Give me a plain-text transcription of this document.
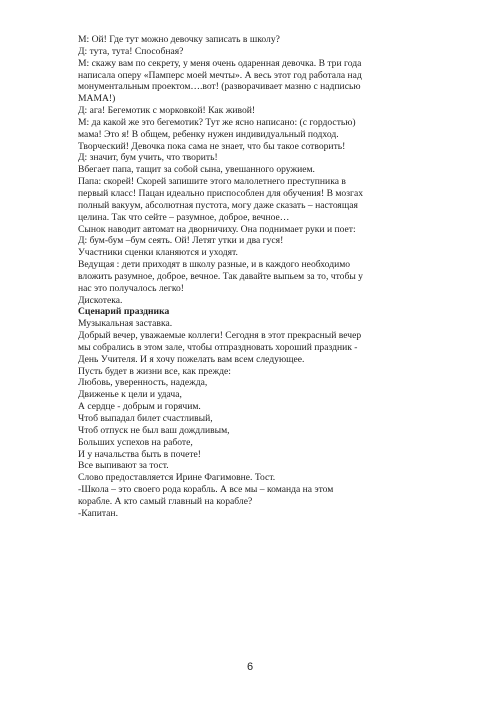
М: Ой! Где тут можно девочку записать в школу?
Д: тута, тута! Способная?
М: скажу вам по секрету, у меня очень одаренная девочка. В три года
написала оперу «Памперс моей мечты». А весь этот год работала над
монументальным проектом….вот! (разворачивает мазню с надписью
МАМА!)
Д: ага! Бегемотик с морковкой! Как живой!
М: да какой же это бегемотик? Тут же ясно написано: (с гордостью)
мама! Это я! В общем, ребенку нужен индивидуальный подход.
Творческий! Девочка пока сама не знает, что бы такое сотворить!
Д: значит, бум учить, что творить!
Вбегает папа, тащит за собой сына, увешанного оружием.
Папа: скорей! Скорей запишите этого малолетнего преступника в
первый класс! Пацан идеально приспособлен для обучения! В мозгах
полный вакуум, абсолютная пустота, могу даже сказать – настоящая
целина. Так что сейте – разумное, доброе, вечное…
Сынок наводит автомат на дворничиху. Она поднимает руки и поет:
Д: бум-бум –бум сеять. Ой! Летят утки и два гуся!
Участники сценки кланяются и уходят.
Ведущая : дети приходят в школу разные, и в каждого необходимо
вложить разумное, доброе, вечное. Так давайте выпьем за то, чтобы у
нас это получалось легко!
Дискотека.
Сценарий праздника
Музыкальная заставка.
Добрый вечер, уважаемые коллеги! Сегодня в этот прекрасный вечер
мы собрались в этом зале, чтобы отпраздновать хороший праздник -
День Учителя. И я хочу пожелать вам всем следующее.
Пусть будет в жизни все, как прежде:
Любовь, уверенность, надежда,
Движенье к цели и удача,
А сердце - добрым и горячим.
Чтоб выпадал билет счастливый,
Чтоб отпуск не был ваш дождливым,
Больших успехов на работе,
И у начальства быть в почете!
Все выпивают за тост.
Слово предоставляется Ирине Фагимовне. Тост.
-Школа – это своего рода корабль. А все мы – команда на этом
корабле. А кто самый главный на корабле?
-Капитан.
6
